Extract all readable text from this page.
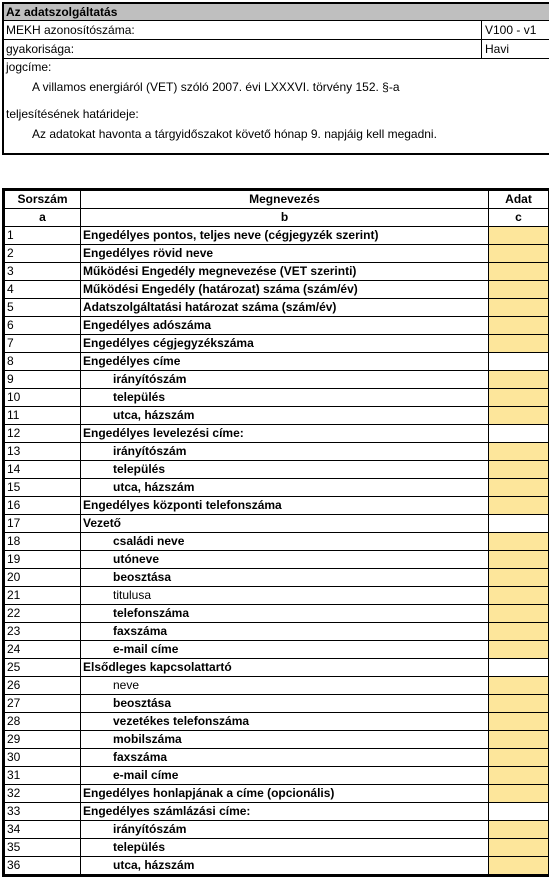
Az adatszolgáltatás
MEKH azonosítószáma:	V100 - v1
gyakorisága:	Havi
jogcíme:
A villamos energiáról (VET) szóló 2007. évi LXXXVI. törvény 152. §-a
teljesítésének határideje:
Az adatokat havonta a tárgyidőszakot követő hónap 9. napjáig kell megadni.
Sorszám	Megnevezés	Adat
a	b	c
1	Engedélyes pontos, teljes neve (cégjegyzék szerint)	
2	Engedélyes rövid neve	
3	Működési Engedély megnevezése (VET szerinti)	
4	Működési Engedély (határozat) száma (szám/év)	
5	Adatszolgáltatási határozat száma (szám/év)	
6	Engedélyes adószáma	
7	Engedélyes cégjegyzékszáma	
8	Engedélyes címe	
9	irányítószám	
10	település	
11	utca, házszám	
12	Engedélyes levelezési címe:	
13	irányítószám	
14	település	
15	utca, házszám	
16	Engedélyes központi telefonszáma	
17	Vezető	
18	családi neve	
19	utóneve	
20	beosztása	
21	titulusa	
22	telefonszáma	
23	faxszáma	
24	e-mail címe	
25	Elsődleges kapcsolattartó	
26	neve	
27	beosztása	
28	vezetékes telefonszáma	
29	mobilszáma	
30	faxszáma	
31	e-mail címe	
32	Engedélyes honlapjának a címe (opcionális)	
33	Engedélyes számlázási címe:	
34	irányítószám	
35	település	
36	utca, házszám	
